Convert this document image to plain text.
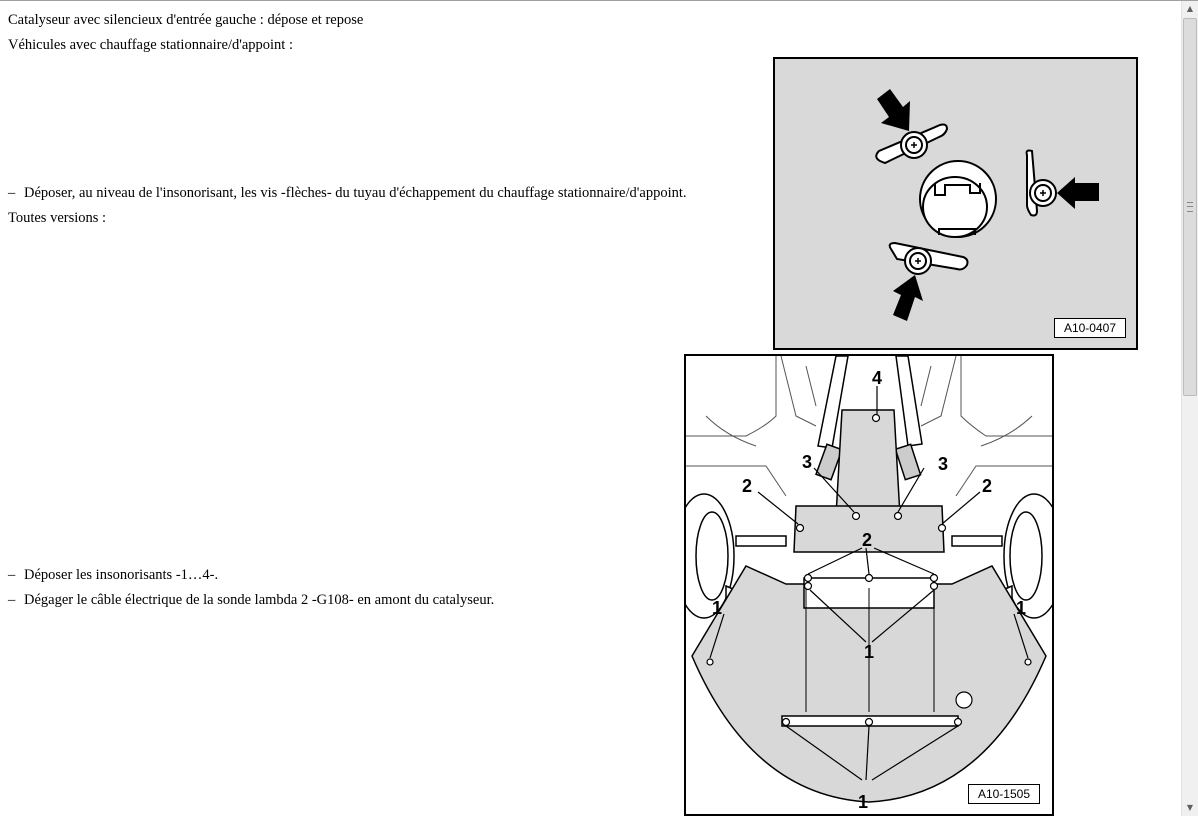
Catalyseur avec silencieux d'entrée gauche : dépose et repose
Véhicules avec chauffage stationnaire/d'appoint :
– Déposer, au niveau de l'insonorisant, les vis -flèches- du tuyau d'échappement du chauffage stationnaire/d'appoint.
Toutes versions :
– Déposer les insonorisants -1…4-.
– Dégager le câble électrique de la sonde lambda 2 -G108- en amont du catalyseur.
A10-0407
4
3	3
2	2
2
1	1
1
1	A10-1505
▲
▼
